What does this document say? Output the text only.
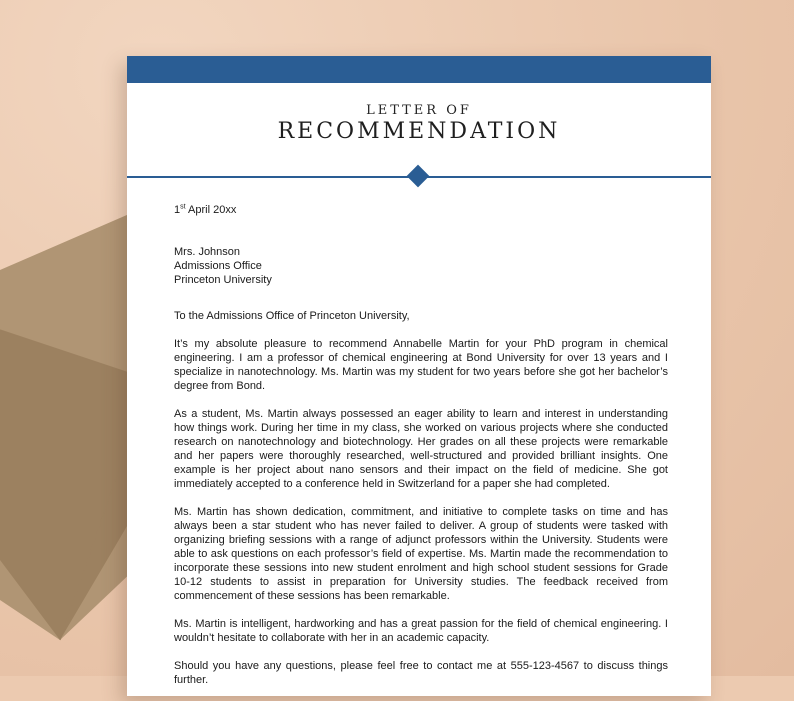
LETTER OF
RECOMMENDATION

1st April 20xx

Mrs. Johnson
Admissions Office
Princeton University

To the Admissions Office of Princeton University,

It’s my absolute pleasure to recommend Annabelle Martin for your PhD program in chemical engineering. I am a professor of chemical engineering at Bond University for over 13 years and I specialize in nanotechnology. Ms. Martin was my student for two years before she got her bachelor’s degree from Bond.

As a student, Ms. Martin always possessed an eager ability to learn and interest in understanding how things work. During her time in my class, she worked on various projects where she conducted research on nanotechnology and biotechnology. Her grades on all these projects were remarkable and her papers were thoroughly researched, well-structured and provided brilliant insights. One example is her project about nano sensors and their impact on the field of medicine. She got immediately accepted to a conference held in Switzerland for a paper she had completed.

Ms. Martin has shown dedication, commitment, and initiative to complete tasks on time and has always been a star student who has never failed to deliver. A group of students were tasked with organizing briefing sessions with a range of adjunct professors within the University. Students were able to ask questions on each professor’s field of expertise. Ms. Martin made the recommendation to incorporate these sessions into new student enrolment and high school student sessions for Grade 10-12 students to assist in preparation for University studies. The feedback received from commencement of these sessions has been remarkable.

Ms. Martin is intelligent, hardworking and has a great passion for the field of chemical engineering. I wouldn’t hesitate to collaborate with her in an academic capacity.

Should you have any questions, please feel free to contact me at 555-123-4567 to discuss things further.
